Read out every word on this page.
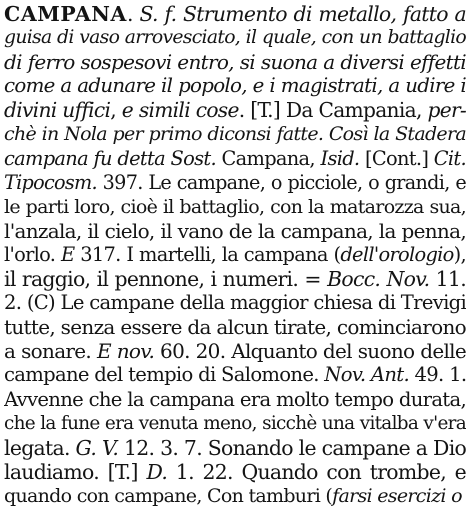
CAMPANA. S. f. Strumento di metallo, fatto a
guisa di vaso arrovesciato, il quale, con un battaglio
di ferro sospesovi entro, si suona a diversi effetti
come a adunare il popolo, e i magistrati, a udire i
divini uffici, e simili cose. [T.] Da Campania, per-
chè in Nola per primo diconsi fatte. Così la Stadera
campana fu detta Sost. Campana, Isid. [Cont.] Cit.
Tipocosm. 397. Le campane, o picciole, o grandi, e
le parti loro, cioè il battaglio, con la matarozza sua,
l'anzala, il cielo, il vano de la campana, la penna,
l'orlo. E 317. I martelli, la campana (dell'orologio),
il raggio, il pennone, i numeri. = Bocc. Nov. 11.
2. (C) Le campane della maggior chiesa di Trevigi
tutte, senza essere da alcun tirate, cominciarono
a sonare. E nov. 60. 20. Alquanto del suono delle
campane del tempio di Salomone. Nov. Ant. 49. 1.
Avvenne che la campana era molto tempo durata,
che la fune era venuta meno, sicchè una vitalba v'era
legata. G. V. 12. 3. 7. Sonando le campane a Dio
laudiamo. [T.] D. 1. 22. Quando con trombe, e
quando con campane, Con tamburi (farsi esercizi o
